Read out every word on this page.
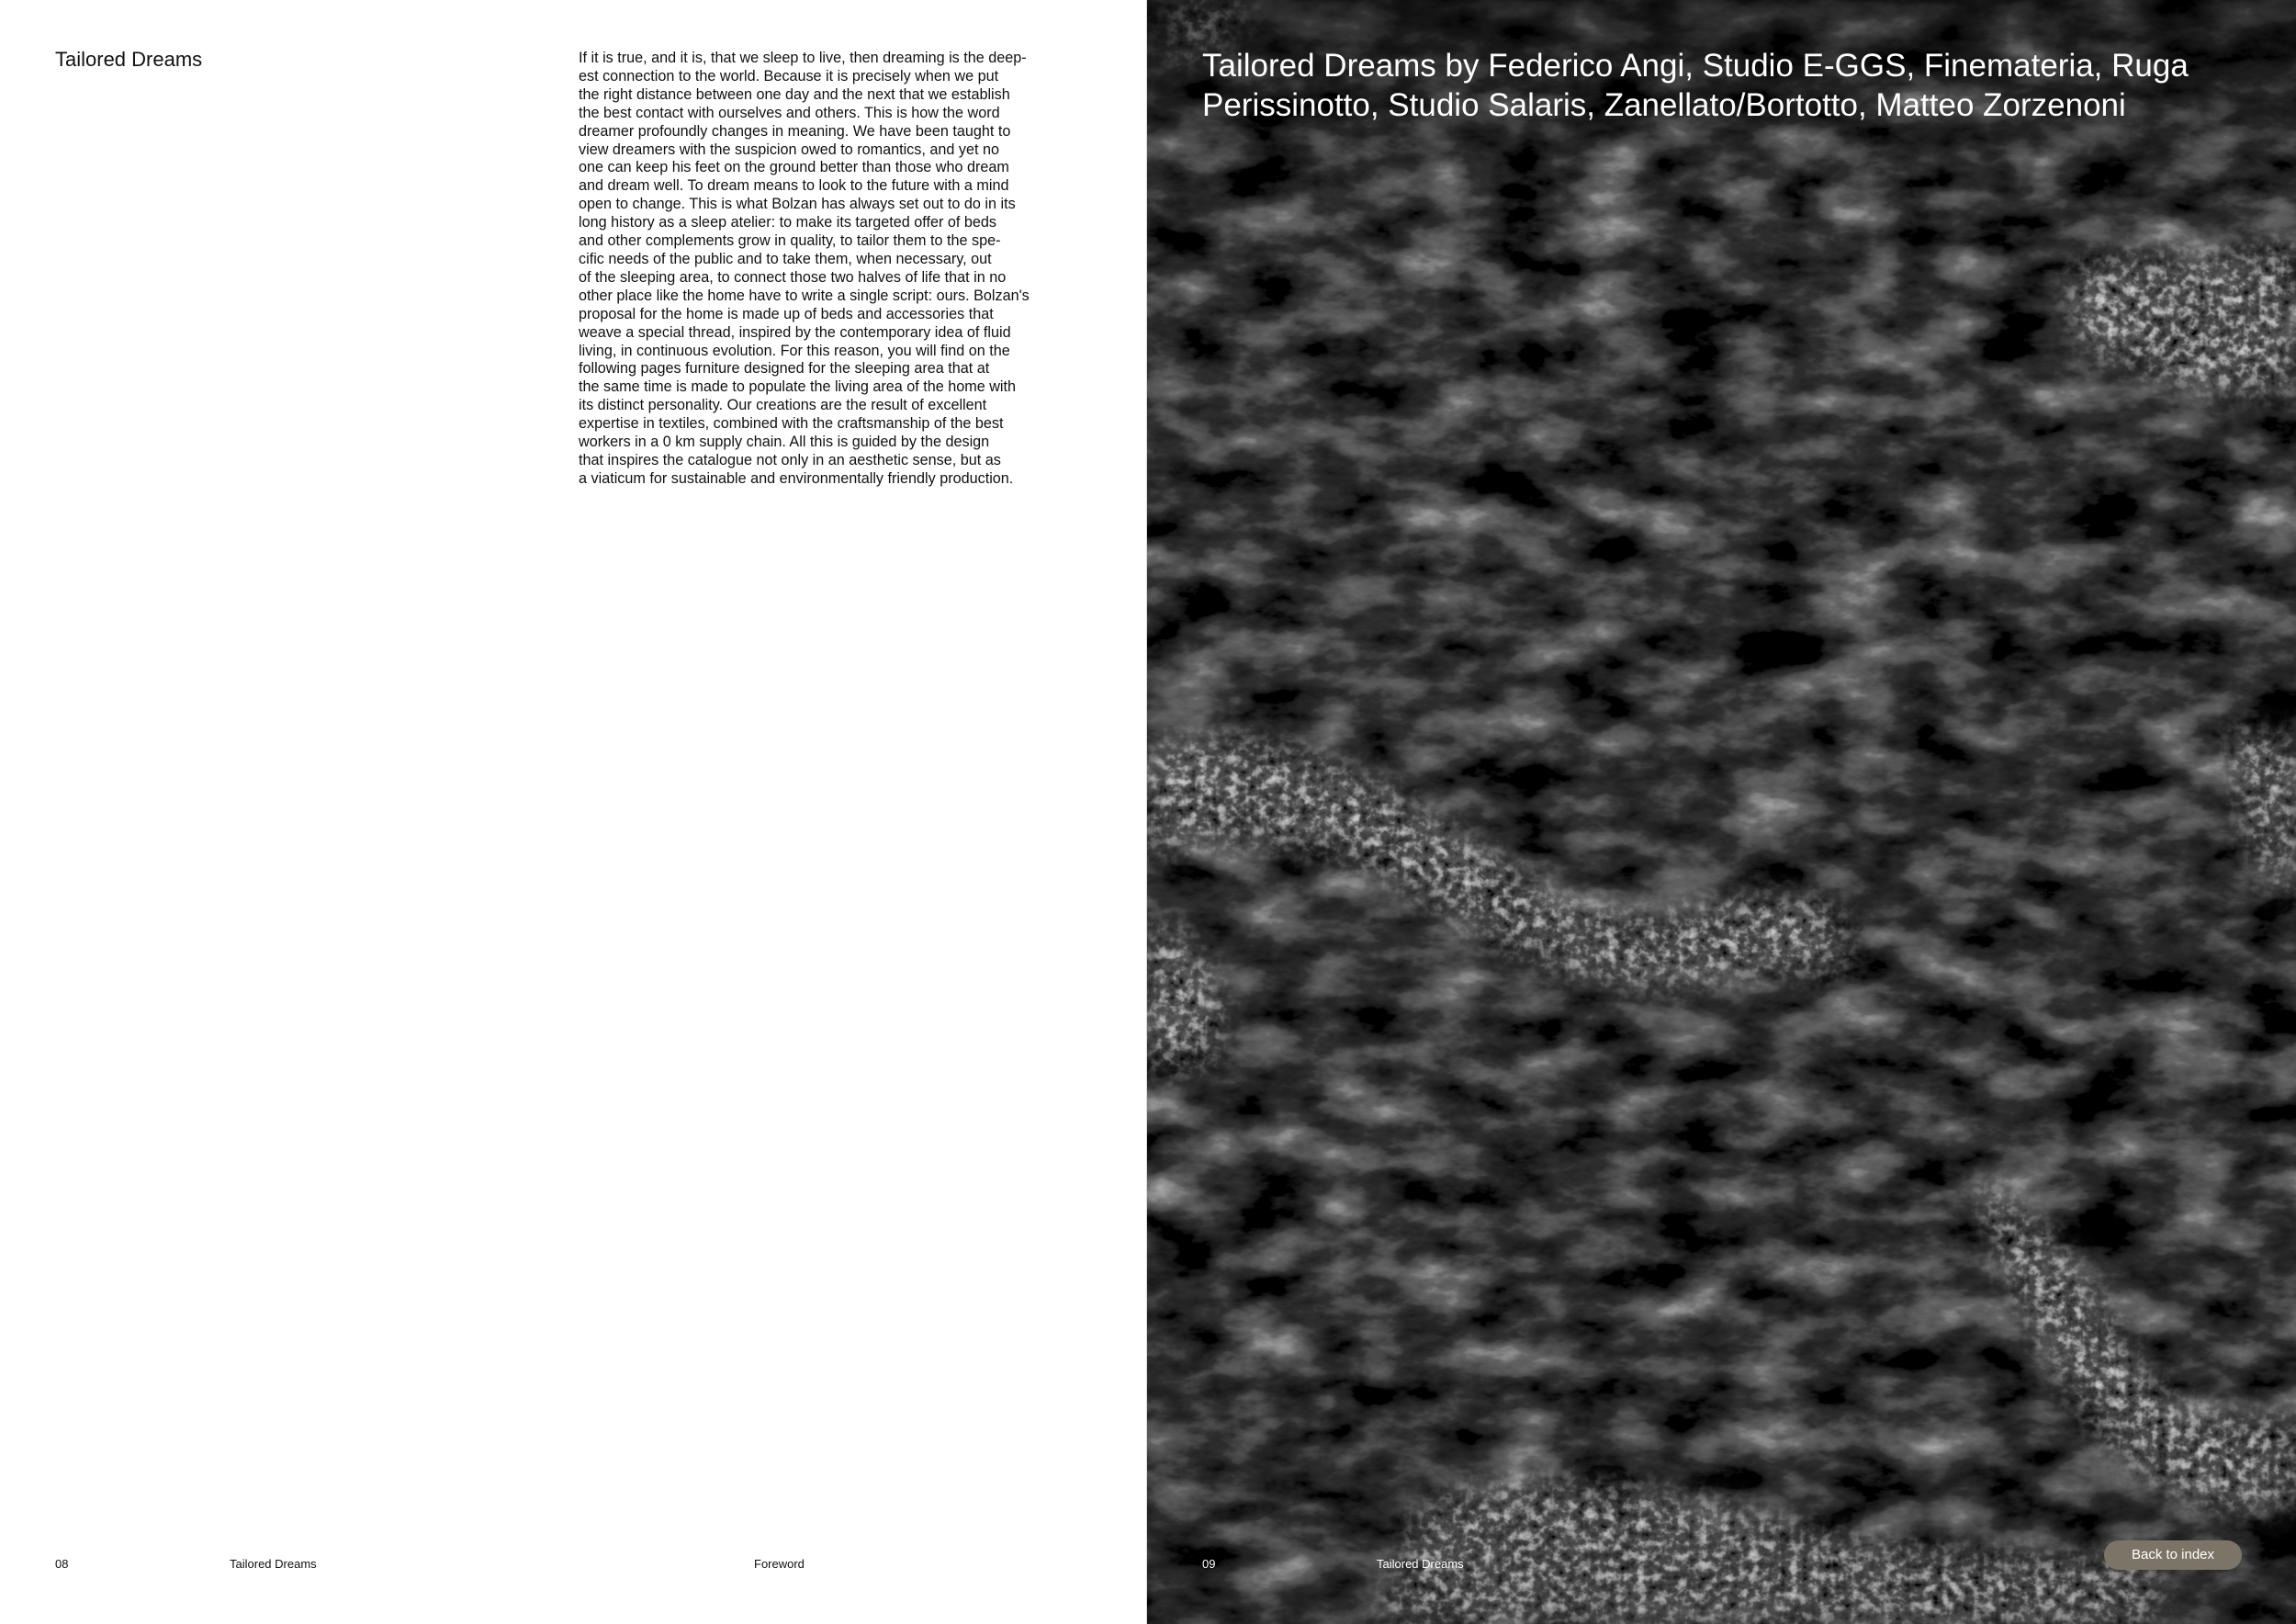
Tailored Dreams	If it is true, and it is, that we sleep to live, then dreaming is the deep-
est connection to the world. Because it is precisely when we put
the right distance between one day and the next that we establish
the best contact with ourselves and others. This is how the word
dreamer profoundly changes in meaning. We have been taught to
view dreamers with the suspicion owed to romantics, and yet no
one can keep his feet on the ground better than those who dream
and dream well. To dream means to look to the future with a mind
open to change. This is what Bolzan has always set out to do in its
long history as a sleep atelier: to make its targeted offer of beds
and other complements grow in quality, to tailor them to the spe-
cific needs of the public and to take them, when necessary, out
of the sleeping area, to connect those two halves of life that in no
other place like the home have to write a single script: ours. Bolzan's
proposal for the home is made up of beds and accessories that
weave a special thread, inspired by the contemporary idea of fluid
living, in continuous evolution. For this reason, you will find on the
following pages furniture designed for the sleeping area that at
the same time is made to populate the living area of the home with
its distinct personality. Our creations are the result of excellent
expertise in textiles, combined with the craftsmanship of the best
workers in a 0 km supply chain. All this is guided by the design
that inspires the catalogue not only in an aesthetic sense, but as
a viaticum for sustainable and environmentally friendly production.

08	Tailored Dreams	Foreword
Tailored Dreams by Federico Angi, Studio E-GGS, Finemateria, Ruga Perissinotto, Studio Salaris, Zanellato/Bortotto, Matteo Zorzenoni
09	Tailored Dreams
Back to index
